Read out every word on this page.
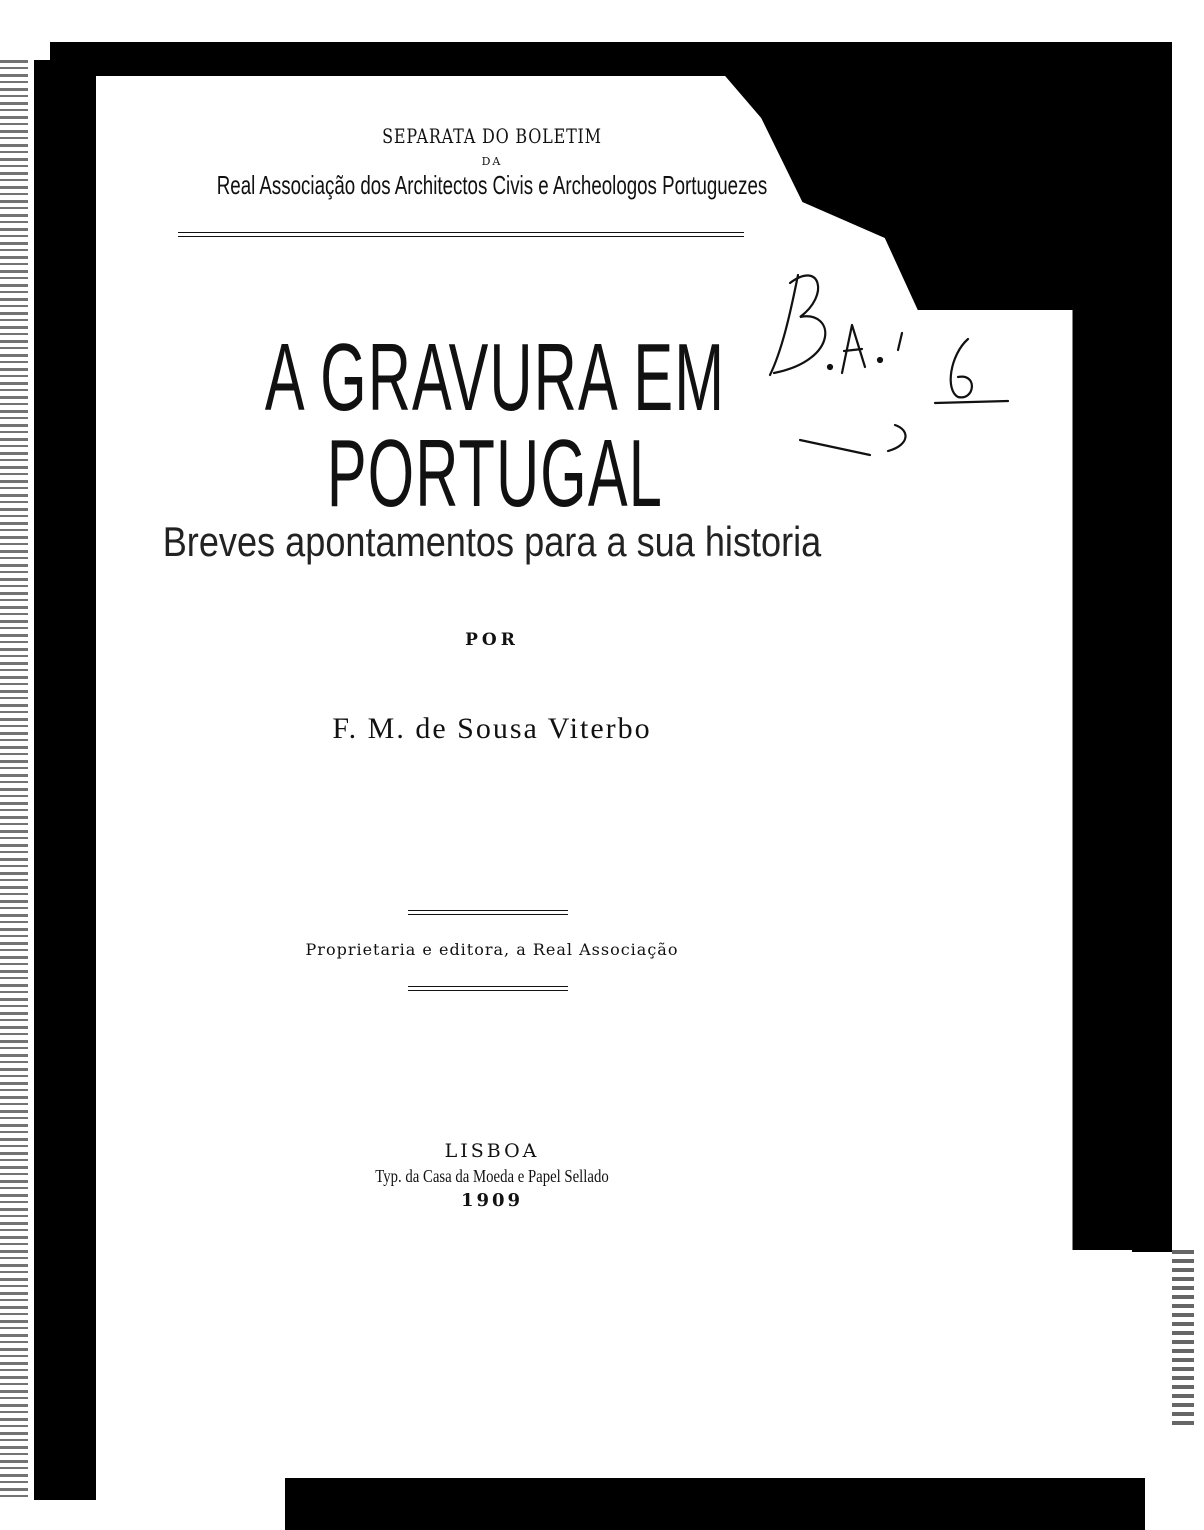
SEPARATA DO BOLETIM
DA
Real Associação dos Architectos Civis e Archeologos Portuguezes
A GRAVURA EM PORTUGAL
Breves apontamentos para a sua historia
POR
F. M. de Sousa Viterbo
Proprietaria e editora, a Real Associação
LISBOA
Typ. da Casa da Moeda e Papel Sellado
1909
